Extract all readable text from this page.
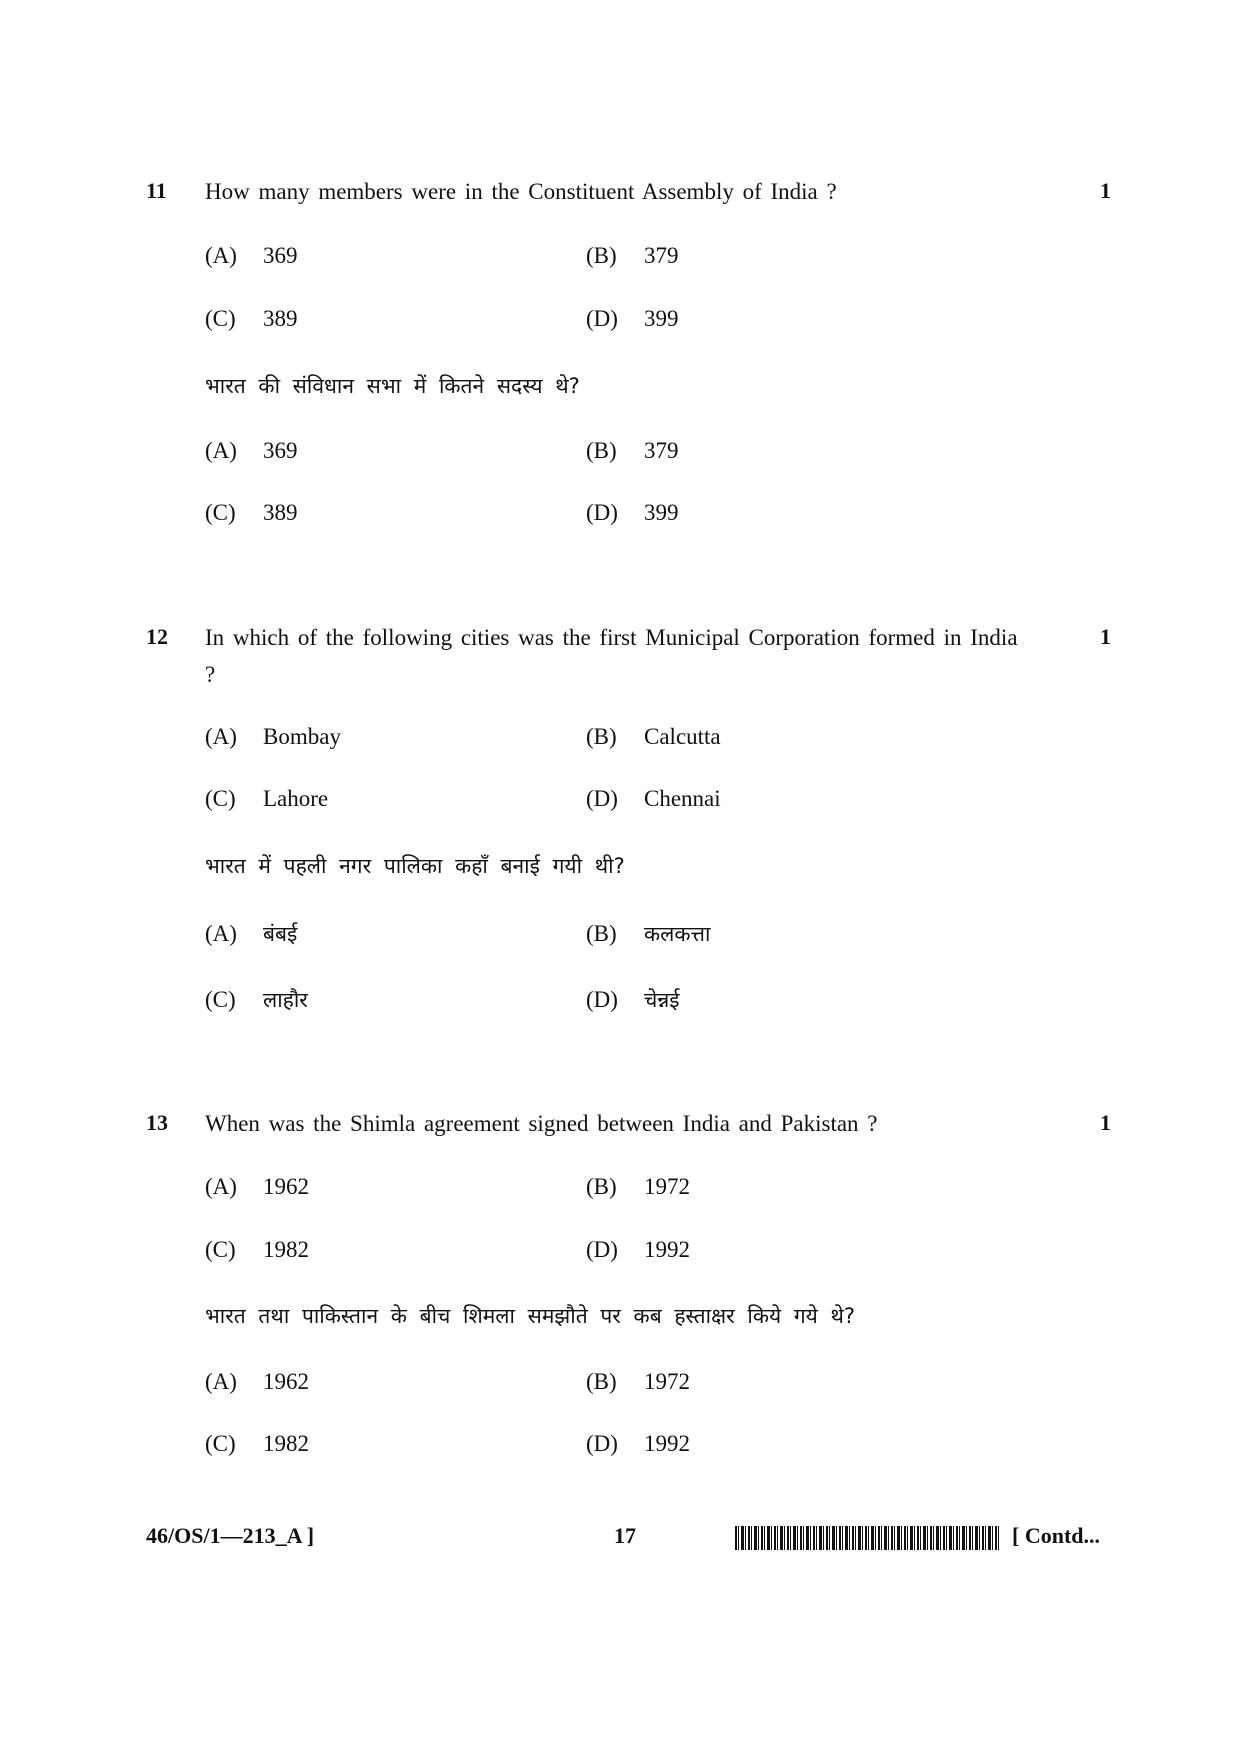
11 How many members were in the Constituent Assembly of India ?	1
(A) 369	(B) 379
(C) 389	(D) 399
भारत की संविधान सभा में कितने सदस्य थे?
(A) 369	(B) 379
(C) 389	(D) 399
12 In which of the following cities was the first Municipal Corporation formed in India ?
1
(A) Bombay	(B) Calcutta
(C) Lahore	(D) Chennai
भारत में पहली नगर पालिका कहाँ बनाई गयी थी?
(A) बंबई	(B) कलकत्ता
(C) लाहौर	(D) चेन्नई
13 When was the Shimla agreement signed between India and Pakistan ?	1
(A) 1962	(B) 1972
(C) 1982	(D) 1992
भारत तथा पाकिस्तान के बीच शिमला समझौते पर कब हस्ताक्षर किये गये थे?
(A) 1962	(B) 1972
(C) 1982	(D) 1992
46/OS/1—213_A ]	17	[ Contd...
